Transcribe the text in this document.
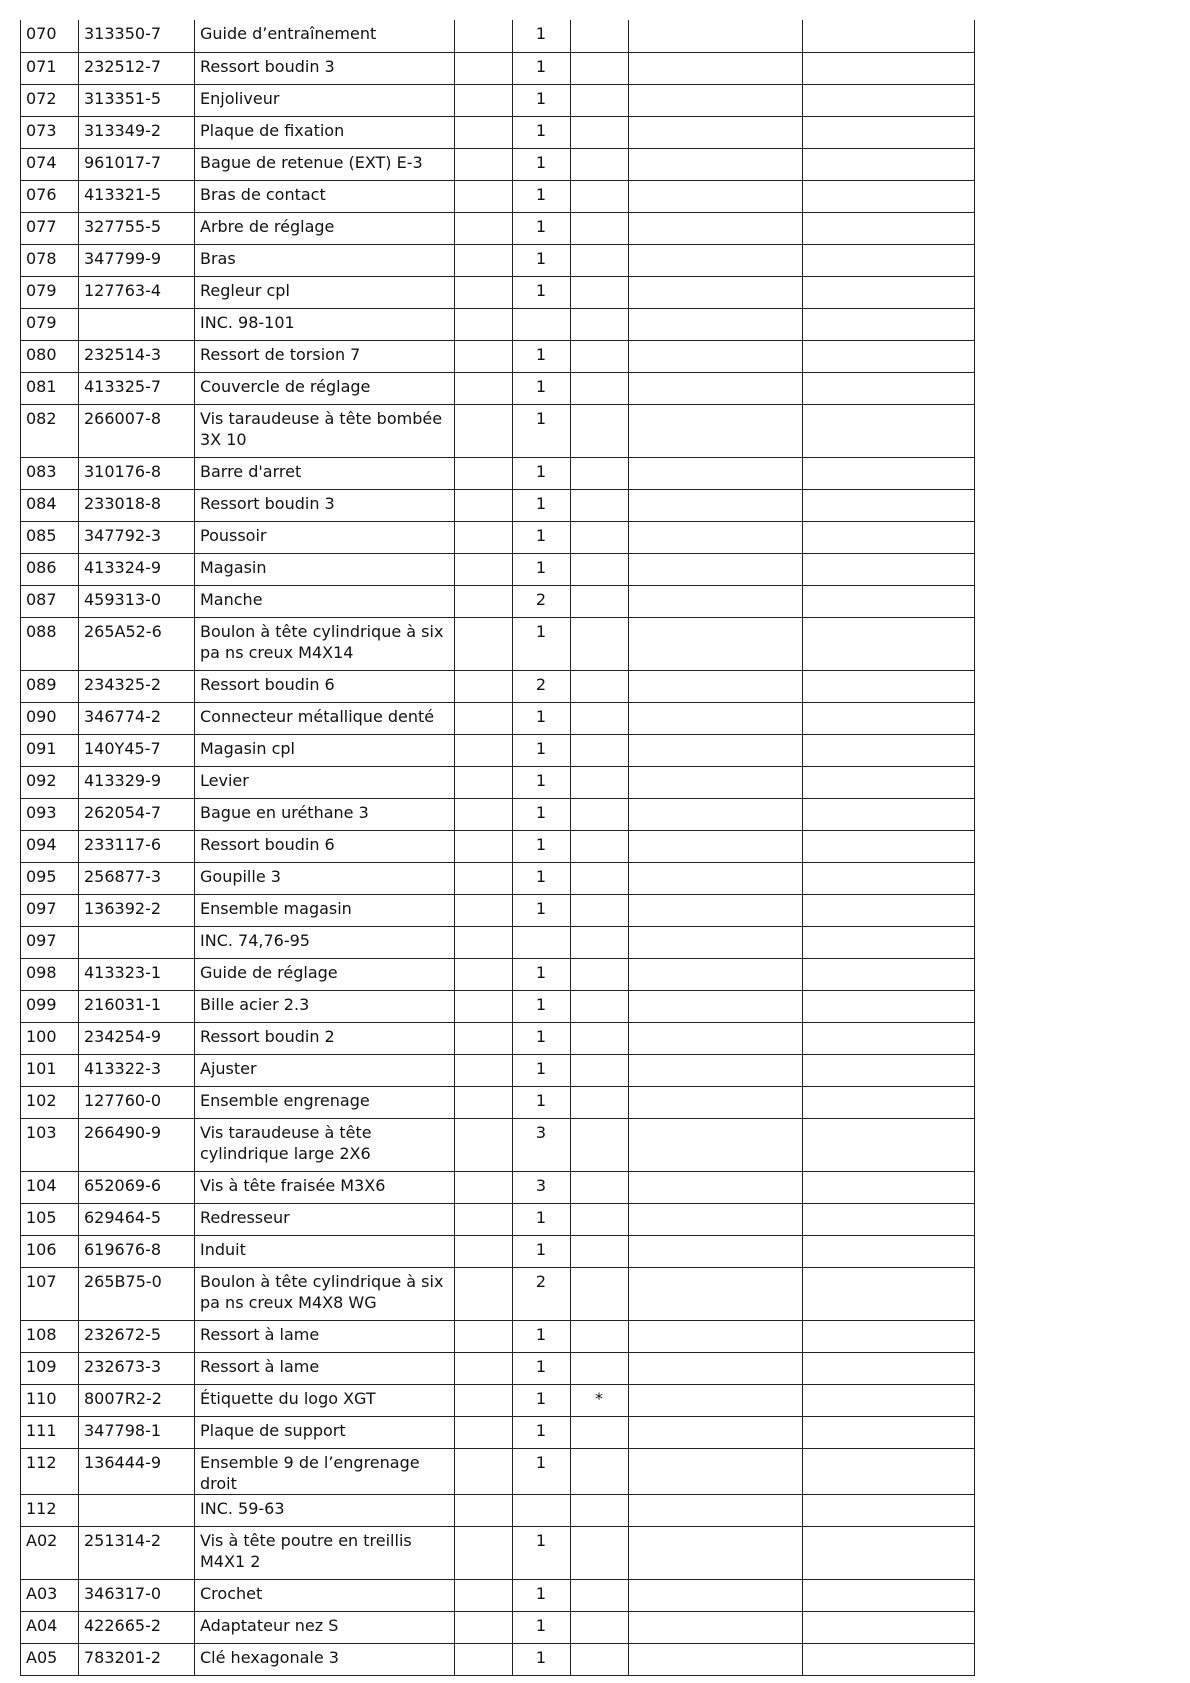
070	313350-7	Guide d’entraînement		1			
071	232512-7	Ressort boudin 3		1			
072	313351-5	Enjoliveur		1			
073	313349-2	Plaque de fixation		1			
074	961017-7	Bague de retenue (EXT) E-3		1			
076	413321-5	Bras de contact		1			
077	327755-5	Arbre de réglage		1			
078	347799-9	Bras		1			
079	127763-4	Regleur cpl		1			
079		INC. 98-101					
080	232514-3	Ressort de torsion 7		1			
081	413325-7	Couvercle de réglage		1			
082	266007-8	Vis taraudeuse à tête bombée 3X 10		1			
083	310176-8	Barre d'arret		1			
084	233018-8	Ressort boudin 3		1			
085	347792-3	Poussoir		1			
086	413324-9	Magasin		1			
087	459313-0	Manche		2			
088	265A52-6	Boulon à tête cylindrique à six pa ns creux M4X14		1			
089	234325-2	Ressort boudin 6		2			
090	346774-2	Connecteur métallique denté		1			
091	140Y45-7	Magasin cpl		1			
092	413329-9	Levier		1			
093	262054-7	Bague en uréthane 3		1			
094	233117-6	Ressort boudin 6		1			
095	256877-3	Goupille 3		1			
097	136392-2	Ensemble magasin		1			
097		INC. 74,76-95					
098	413323-1	Guide de réglage		1			
099	216031-1	Bille acier 2.3		1			
100	234254-9	Ressort boudin 2		1			
101	413322-3	Ajuster		1			
102	127760-0	Ensemble engrenage		1			
103	266490-9	Vis taraudeuse à tête cylindrique large 2X6		3			
104	652069-6	Vis à tête fraisée M3X6		3			
105	629464-5	Redresseur		1			
106	619676-8	Induit		1			
107	265B75-0	Boulon à tête cylindrique à six pa ns creux M4X8 WG		2			
108	232672-5	Ressort à lame		1			
109	232673-3	Ressort à lame		1			
110	8007R2-2	Étiquette du logo XGT		1	*		
111	347798-1	Plaque de support		1			
112	136444-9	Ensemble 9 de l’engrenage droit		1			
112		INC. 59-63					
A02	251314-2	Vis à tête poutre en treillis M4X1 2		1			
A03	346317-0	Crochet		1			
A04	422665-2	Adaptateur nez S		1			
A05	783201-2	Clé hexagonale 3		1			
